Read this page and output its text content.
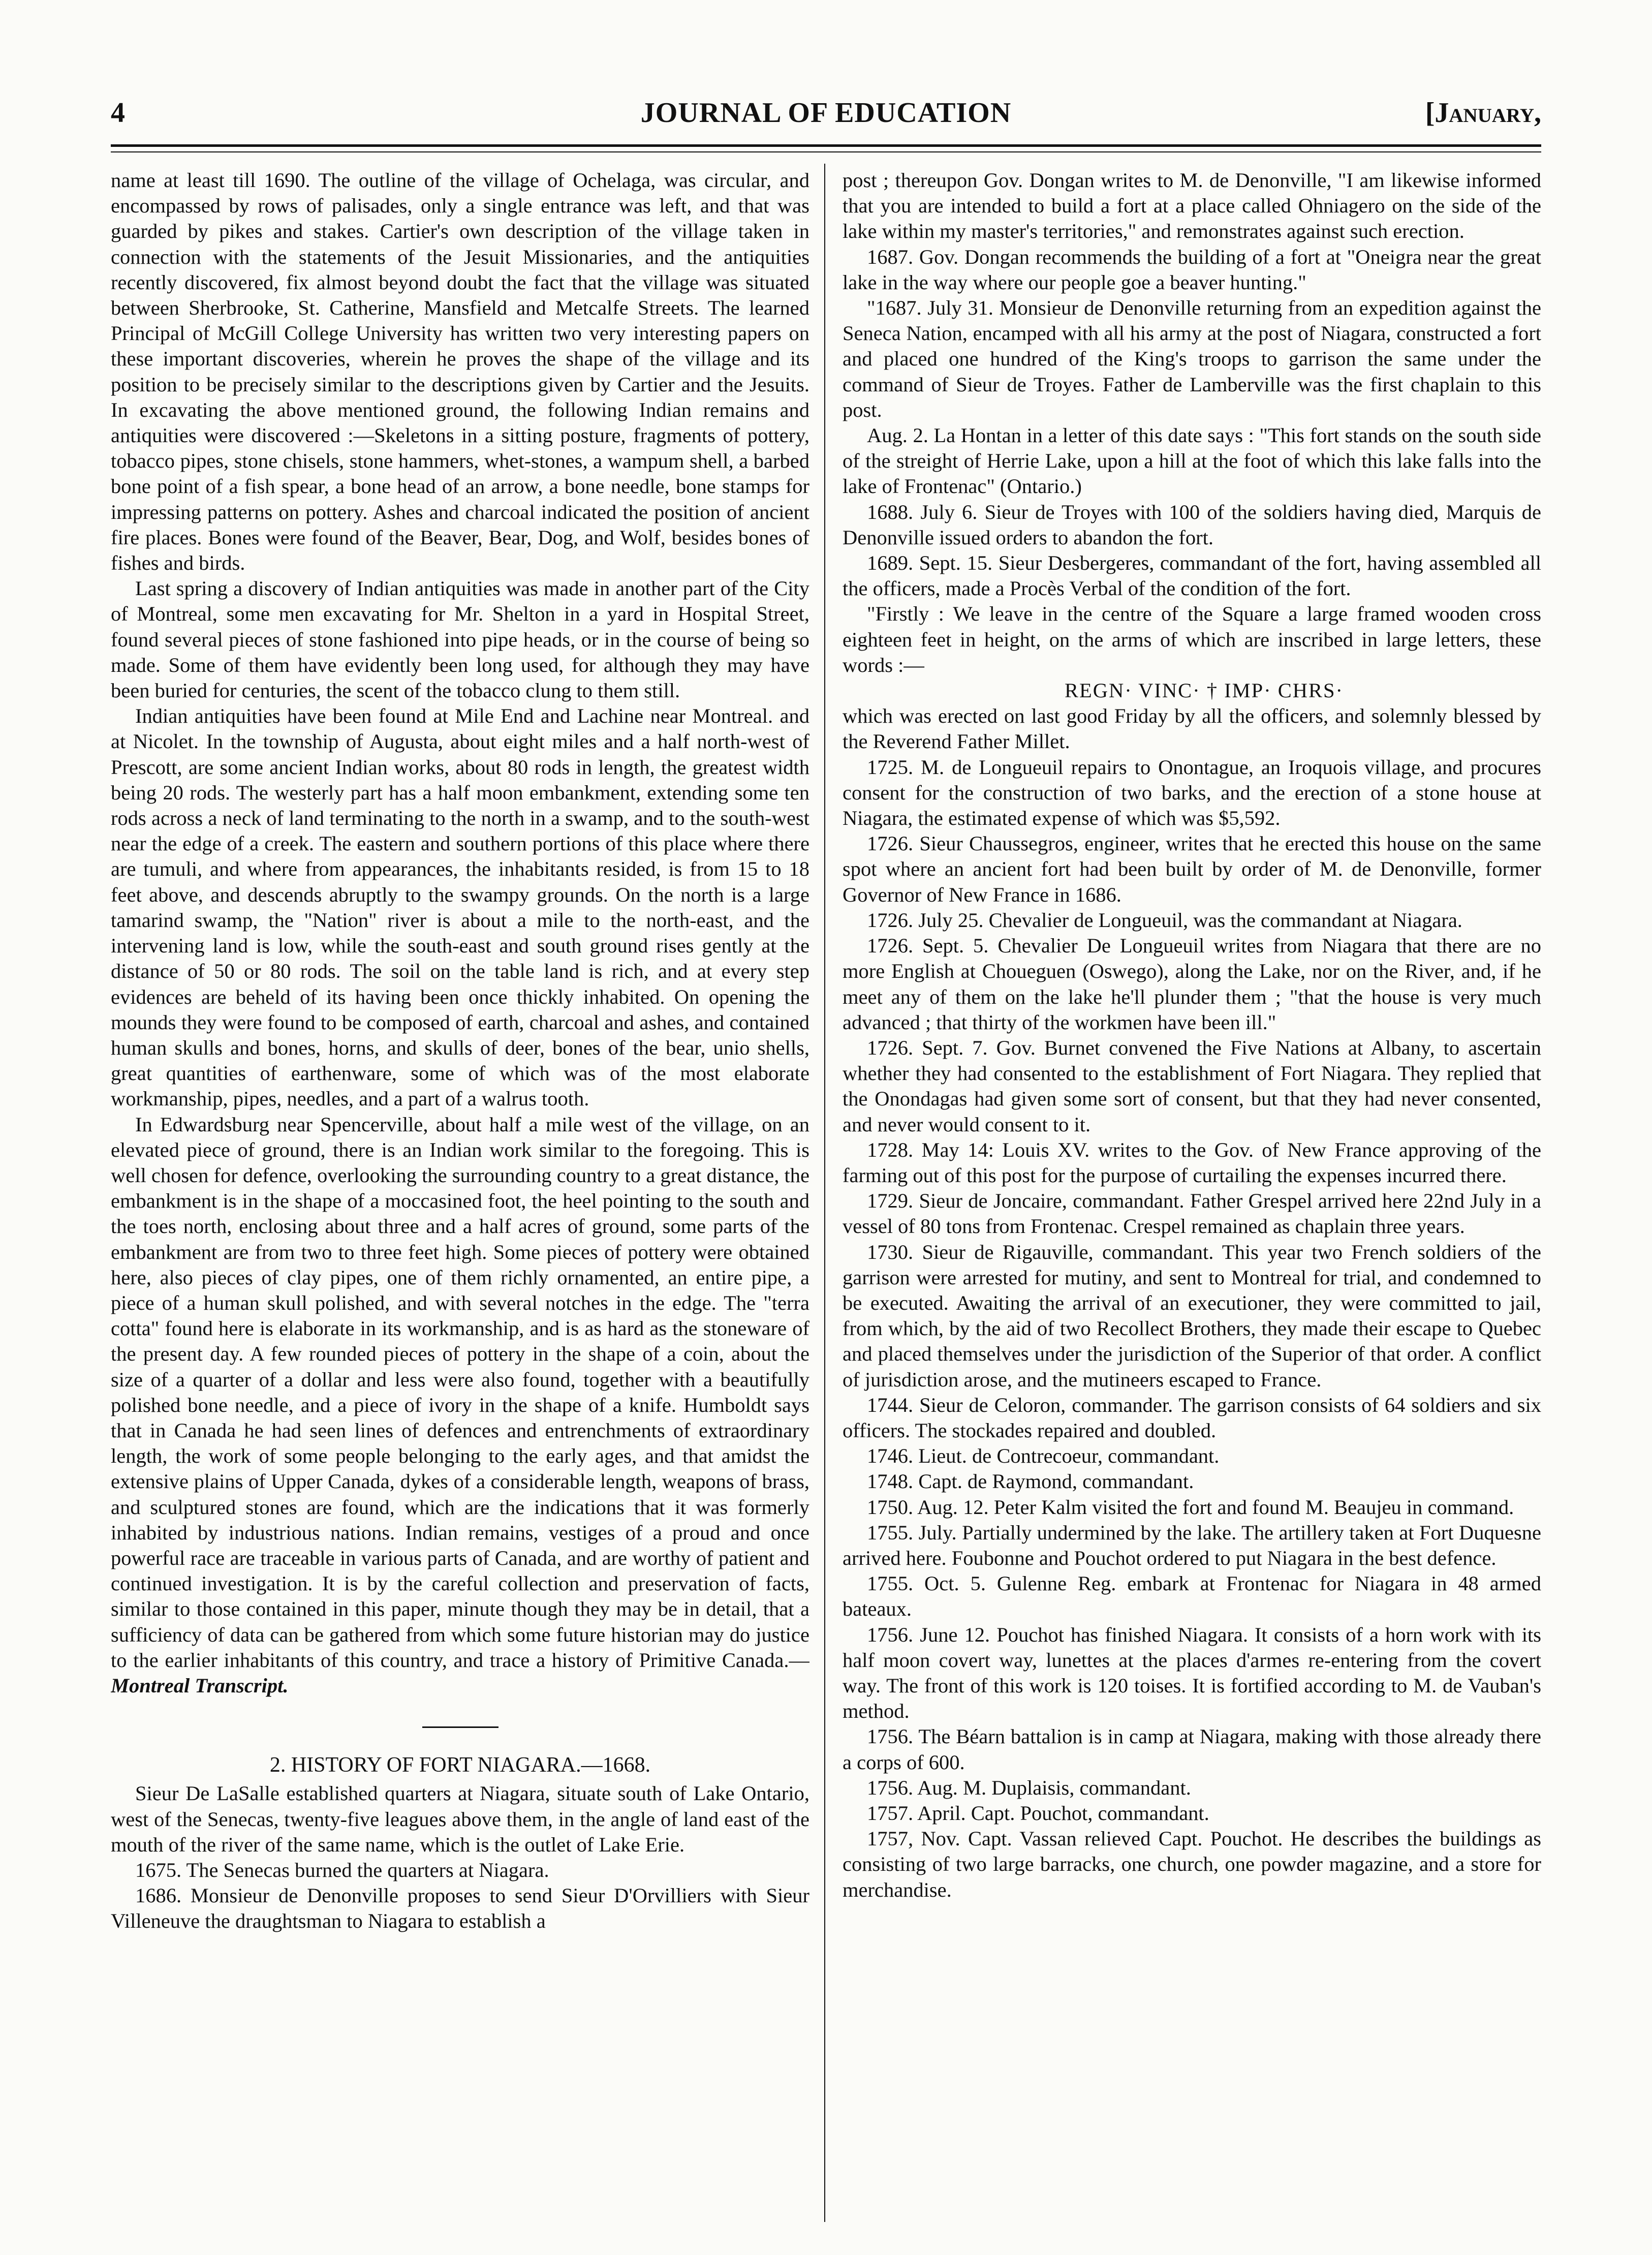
4	JOURNAL OF EDUCATION	[January,

name at least till 1690. The outline of the village of Ochelaga, was circular, and encompassed by rows of palisades, only a single entrance was left, and that was guarded by pikes and stakes. Cartier's own description of the village taken in connection with the statements of the Jesuit Missionaries, and the antiquities recently discovered, fix almost beyond doubt the fact that the village was situated between Sherbrooke, St. Catherine, Mansfield and Metcalfe Streets. The learned Principal of McGill College University has written two very interesting papers on these important discoveries, wherein he proves the shape of the village and its position to be precisely similar to the descriptions given by Cartier and the Jesuits. In excavating the above mentioned ground, the following Indian remains and antiquities were discovered :—Skeletons in a sitting posture, fragments of pottery, tobacco pipes, stone chisels, stone hammers, whet-stones, a wampum shell, a barbed bone point of a fish spear, a bone head of an arrow, a bone needle, bone stamps for impressing patterns on pottery. Ashes and charcoal indicated the position of ancient fire places. Bones were found of the Beaver, Bear, Dog, and Wolf, besides bones of fishes and birds.

Last spring a discovery of Indian antiquities was made in another part of the City of Montreal, some men excavating for Mr. Shelton in a yard in Hospital Street, found several pieces of stone fashioned into pipe heads, or in the course of being so made. Some of them have evidently been long used, for although they may have been buried for centuries, the scent of the tobacco clung to them still.

Indian antiquities have been found at Mile End and Lachine near Montreal. and at Nicolet. In the township of Augusta, about eight miles and a half north-west of Prescott, are some ancient Indian works, about 80 rods in length, the greatest width being 20 rods. The westerly part has a half moon embankment, extending some ten rods across a neck of land terminating to the north in a swamp, and to the south-west near the edge of a creek. The eastern and southern portions of this place where there are tumuli, and where from appearances, the inhabitants resided, is from 15 to 18 feet above, and descends abruptly to the swampy grounds. On the north is a large tamarind swamp, the "Nation" river is about a mile to the north-east, and the intervening land is low, while the south-east and south ground rises gently at the distance of 50 or 80 rods. The soil on the table land is rich, and at every step evidences are beheld of its having been once thickly inhabited. On opening the mounds they were found to be composed of earth, charcoal and ashes, and contained human skulls and bones, horns, and skulls of deer, bones of the bear, unio shells, great quantities of earthenware, some of which was of the most elaborate workmanship, pipes, needles, and a part of a walrus tooth.

In Edwardsburg near Spencerville, about half a mile west of the village, on an elevated piece of ground, there is an Indian work similar to the foregoing. This is well chosen for defence, overlooking the surrounding country to a great distance, the embankment is in the shape of a moccasined foot, the heel pointing to the south and the toes north, enclosing about three and a half acres of ground, some parts of the embankment are from two to three feet high. Some pieces of pottery were obtained here, also pieces of clay pipes, one of them richly ornamented, an entire pipe, a piece of a human skull polished, and with several notches in the edge. The "terra cotta" found here is elaborate in its workmanship, and is as hard as the stoneware of the present day. A few rounded pieces of pottery in the shape of a coin, about the size of a quarter of a dollar and less were also found, together with a beautifully polished bone needle, and a piece of ivory in the shape of a knife. Humboldt says that in Canada he had seen lines of defences and entrenchments of extraordinary length, the work of some people belonging to the early ages, and that amidst the extensive plains of Upper Canada, dykes of a considerable length, weapons of brass, and sculptured stones are found, which are the indications that it was formerly inhabited by industrious nations. Indian remains, vestiges of a proud and once powerful race are traceable in various parts of Canada, and are worthy of patient and continued investigation. It is by the careful collection and preservation of facts, similar to those contained in this paper, minute though they may be in detail, that a sufficiency of data can be gathered from which some future historian may do justice to the earlier inhabitants of this country, and trace a history of Primitive Canada.—Montreal Transcript.

2. HISTORY OF FORT NIAGARA.—1668.

Sieur De LaSalle established quarters at Niagara, situate south of Lake Ontario, west of the Senecas, twenty-five leagues above them, in the angle of land east of the mouth of the river of the same name, which is the outlet of Lake Erie.

1675. The Senecas burned the quarters at Niagara.

1686. Monsieur de Denonville proposes to send Sieur D'Orvilliers with Sieur Villeneuve the draughtsman to Niagara to establish a

post ; thereupon Gov. Dongan writes to M. de Denonville, "I am likewise informed that you are intended to build a fort at a place called Ohniagero on the side of the lake within my master's territories," and remonstrates against such erection.

1687. Gov. Dongan recommends the building of a fort at "Oneigra near the great lake in the way where our people goe a beaver hunting."

"1687. July 31. Monsieur de Denonville returning from an expedition against the Seneca Nation, encamped with all his army at the post of Niagara, constructed a fort and placed one hundred of the King's troops to garrison the same under the command of Sieur de Troyes. Father de Lamberville was the first chaplain to this post.

Aug. 2. La Hontan in a letter of this date says : "This fort stands on the south side of the streight of Herrie Lake, upon a hill at the foot of which this lake falls into the lake of Frontenac" (Ontario.)

1688. July 6. Sieur de Troyes with 100 of the soldiers having died, Marquis de Denonville issued orders to abandon the fort.

1689. Sept. 15. Sieur Desbergeres, commandant of the fort, having assembled all the officers, made a Procès Verbal of the condition of the fort.

"Firstly : We leave in the centre of the Square a large framed wooden cross eighteen feet in height, on the arms of which are inscribed in large letters, these words :—

REGN· VINC· † IMP· CHRS·

which was erected on last good Friday by all the officers, and solemnly blessed by the Reverend Father Millet.

1725. M. de Longueuil repairs to Onontague, an Iroquois village, and procures consent for the construction of two barks, and the erection of a stone house at Niagara, the estimated expense of which was $5,592.

1726. Sieur Chaussegros, engineer, writes that he erected this house on the same spot where an ancient fort had been built by order of M. de Denonville, former Governor of New France in 1686.

1726. July 25. Chevalier de Longueuil, was the commandant at Niagara.

1726. Sept. 5. Chevalier De Longueuil writes from Niagara that there are no more English at Choueguen (Oswego), along the Lake, nor on the River, and, if he meet any of them on the lake he'll plunder them ; "that the house is very much advanced ; that thirty of the workmen have been ill."

1726. Sept. 7. Gov. Burnet convened the Five Nations at Albany, to ascertain whether they had consented to the establishment of Fort Niagara. They replied that the Onondagas had given some sort of consent, but that they had never consented, and never would consent to it.

1728. May 14: Louis XV. writes to the Gov. of New France approving of the farming out of this post for the purpose of curtailing the expenses incurred there.

1729. Sieur de Joncaire, commandant. Father Grespel arrived here 22nd July in a vessel of 80 tons from Frontenac. Crespel remained as chaplain three years.

1730. Sieur de Rigauville, commandant. This year two French soldiers of the garrison were arrested for mutiny, and sent to Montreal for trial, and condemned to be executed. Awaiting the arrival of an executioner, they were committed to jail, from which, by the aid of two Recollect Brothers, they made their escape to Quebec and placed themselves under the jurisdiction of the Superior of that order. A conflict of jurisdiction arose, and the mutineers escaped to France.

1744. Sieur de Celoron, commander. The garrison consists of 64 soldiers and six officers. The stockades repaired and doubled.

1746. Lieut. de Contrecoeur, commandant.

1748. Capt. de Raymond, commandant.

1750. Aug. 12. Peter Kalm visited the fort and found M. Beaujeu in command.

1755. July. Partially undermined by the lake. The artillery taken at Fort Duquesne arrived here. Foubonne and Pouchot ordered to put Niagara in the best defence.

1755. Oct. 5. Gulenne Reg. embark at Frontenac for Niagara in 48 armed bateaux.

1756. June 12. Pouchot has finished Niagara. It consists of a horn work with its half moon covert way, lunettes at the places d'armes re-entering from the covert way. The front of this work is 120 toises. It is fortified according to M. de Vauban's method.

1756. The Béarn battalion is in camp at Niagara, making with those already there a corps of 600.

1756. Aug. M. Duplaisis, commandant.

1757. April. Capt. Pouchot, commandant.

1757, Nov. Capt. Vassan relieved Capt. Pouchot. He describes the buildings as consisting of two large barracks, one church, one powder magazine, and a store for merchandise.
